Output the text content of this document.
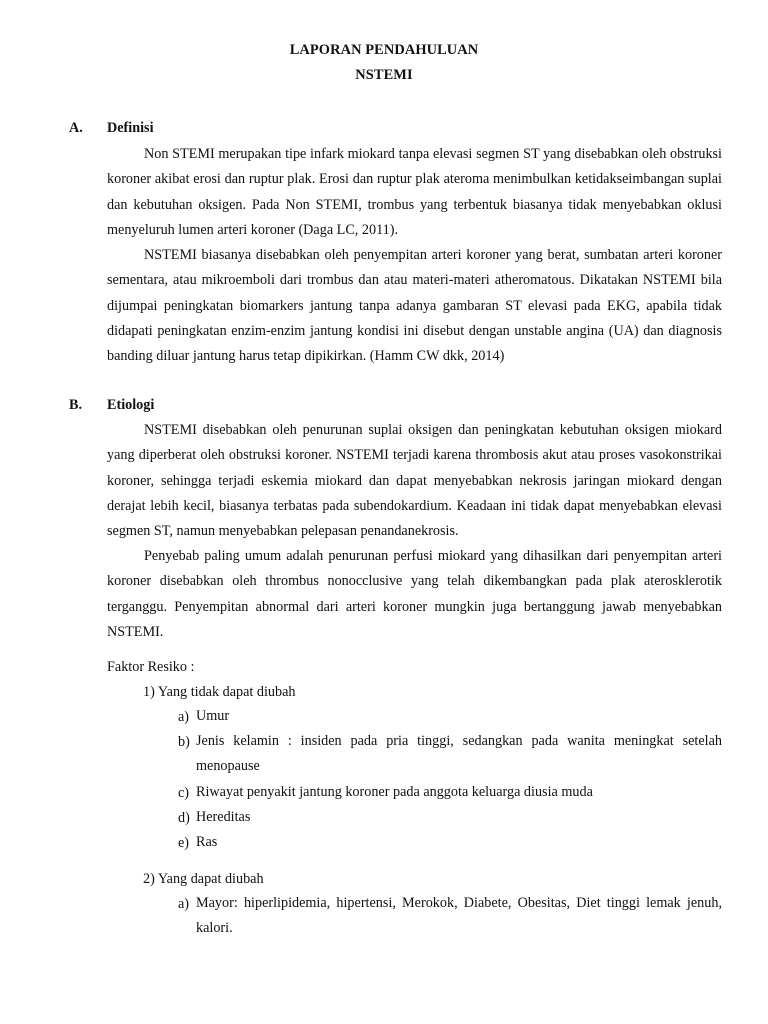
LAPORAN PENDAHULUAN
NSTEMI
A. Definisi

Non STEMI merupakan tipe infark miokard tanpa elevasi segmen ST yang disebabkan oleh obstruksi koroner akibat erosi dan ruptur plak. Erosi dan ruptur plak ateroma menimbulkan ketidakseimbangan suplai dan kebutuhan oksigen. Pada Non STEMI, trombus yang terbentuk biasanya tidak menyebabkan oklusi menyeluruh lumen arteri koroner (Daga LC, 2011).

NSTEMI biasanya disebabkan oleh penyempitan arteri koroner yang berat, sumbatan arteri koroner sementara, atau mikroemboli dari trombus dan atau materi-materi atheromatous. Dikatakan NSTEMI bila dijumpai peningkatan biomarkers jantung tanpa adanya gambaran ST elevasi pada EKG, apabila tidak didapati peningkatan enzim-enzim jantung kondisi ini disebut dengan unstable angina (UA) dan diagnosis banding diluar jantung harus tetap dipikirkan. (Hamm CW dkk, 2014)

B. Etiologi

NSTEMI disebabkan oleh penurunan suplai oksigen dan peningkatan kebutuhan oksigen miokard yang diperberat oleh obstruksi koroner. NSTEMI terjadi karena thrombosis akut atau proses vasokonstrikai koroner, sehingga terjadi eskemia miokard dan dapat menyebabkan nekrosis jaringan miokard dengan derajat lebih kecil, biasanya terbatas pada subendokardium. Keadaan ini tidak dapat menyebabkan elevasi segmen ST, namun menyebabkan pelepasan penandanekrosis.

Penyebab paling umum adalah penurunan perfusi miokard yang dihasilkan dari penyempitan arteri koroner disebabkan oleh thrombus nonocclusive yang telah dikembangkan pada plak aterosklerotik terganggu. Penyempitan abnormal dari arteri koroner mungkin juga bertanggung jawab menyebabkan NSTEMI.

Faktor Resiko :

1) Yang tidak dapat diubah

a) Umur

b) Jenis kelamin : insiden pada pria tinggi, sedangkan pada wanita meningkat setelah menopause

c) Riwayat penyakit jantung koroner pada anggota keluarga diusia muda

d) Hereditas

e) Ras

2) Yang dapat diubah

a) Mayor: hiperlipidemia, hipertensi, Merokok, Diabete, Obesitas, Diet tinggi lemak jenuh, kalori.
